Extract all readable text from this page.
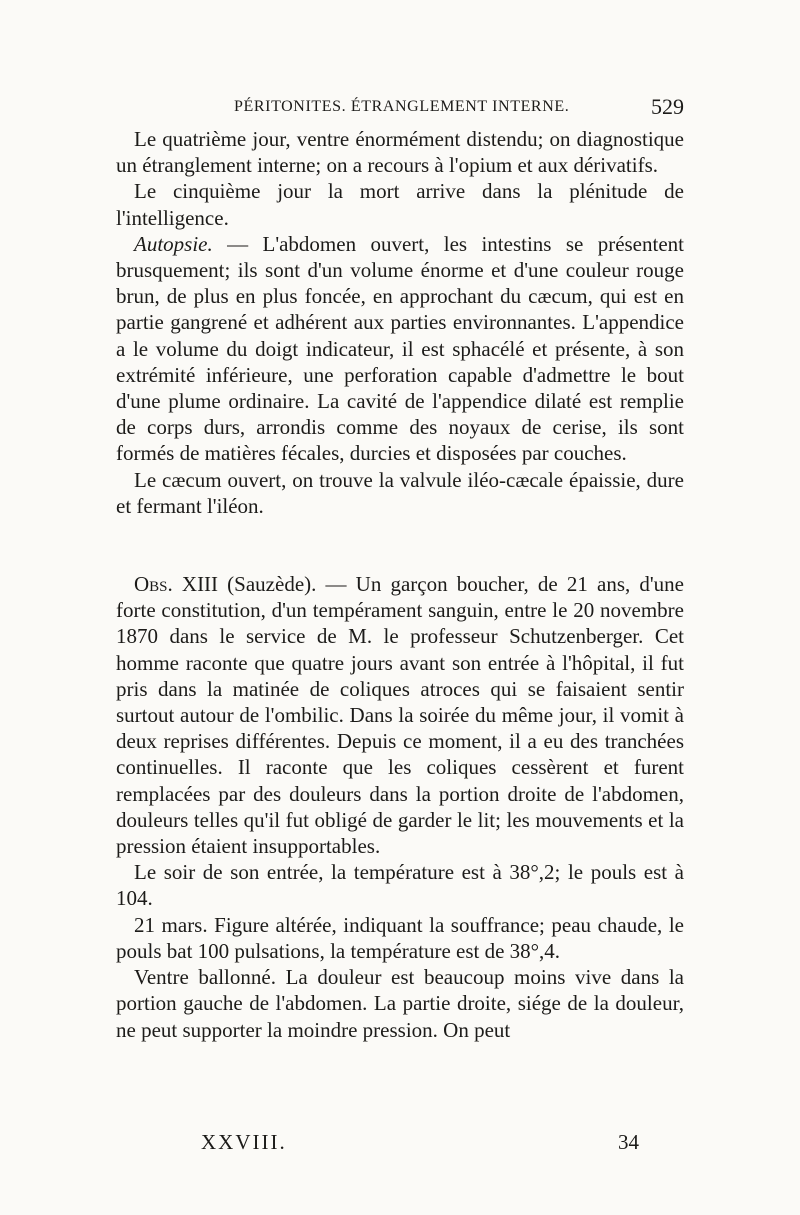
PÉRITONITES. ÉTRANGLEMENT INTERNE.	529

Le quatrième jour, ventre énormément distendu; on diagnostique un étranglement interne; on a recours à l'opium et aux dérivatifs.

Le cinquième jour la mort arrive dans la plénitude de l'intelligence.

Autopsie. — L'abdomen ouvert, les intestins se présentent brusquement; ils sont d'un volume énorme et d'une couleur rouge brun, de plus en plus foncée, en approchant du cæcum, qui est en partie gangrené et adhérent aux parties environnantes. L'appendice a le volume du doigt indicateur, il est sphacélé et présente, à son extrémité inférieure, une perforation capable d'admettre le bout d'une plume ordinaire. La cavité de l'appendice dilaté est remplie de corps durs, arrondis comme des noyaux de cerise, ils sont formés de matières fécales, durcies et disposées par couches.

Le cæcum ouvert, on trouve la valvule iléo-cæcale épaissie, dure et fermant l'iléon.

Obs. XIII (Sauzède). — Un garçon boucher, de 21 ans, d'une forte constitution, d'un tempérament sanguin, entre le 20 novembre 1870 dans le service de M. le professeur Schutzenberger. Cet homme raconte que quatre jours avant son entrée à l'hôpital, il fut pris dans la matinée de coliques atroces qui se faisaient sentir surtout autour de l'ombilic. Dans la soirée du même jour, il vomit à deux reprises différentes. Depuis ce moment, il a eu des tranchées continuelles. Il raconte que les coliques cessèrent et furent remplacées par des douleurs dans la portion droite de l'abdomen, douleurs telles qu'il fut obligé de garder le lit; les mouvements et la pression étaient insupportables.

Le soir de son entrée, la température est à 38°,2; le pouls est à 104.

21 mars. Figure altérée, indiquant la souffrance; peau chaude, le pouls bat 100 pulsations, la température est de 38°,4.

Ventre ballonné. La douleur est beaucoup moins vive dans la portion gauche de l'abdomen. La partie droite, siége de la douleur, ne peut supporter la moindre pression. On peut

XXVIII.	34
